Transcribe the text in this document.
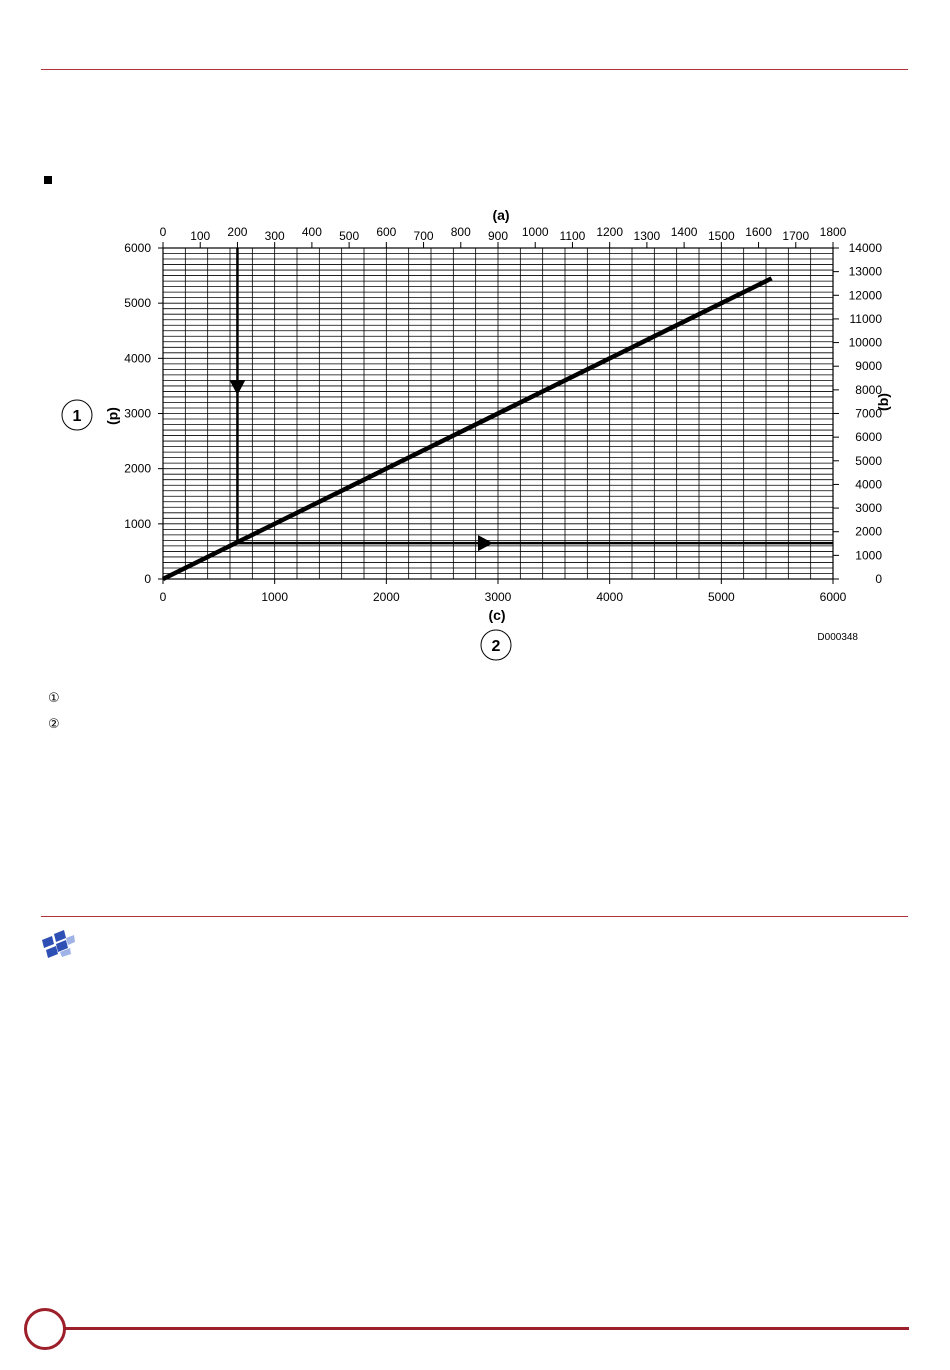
0 100 200 300 400 500 600 700 800 900 1000 1100 1200 1300 1400 1500 1600 1700 1800
(a)
0	1000	2000	3000	4000	5000	6000
(c)
0
1000
2000
3000
4000
5000
6000
(d)
0
1000
2000
3000
4000
5000
6000
7000
8000
9000
10000
11000
12000
13000
14000
(b)
1
2
D000348
①
②
